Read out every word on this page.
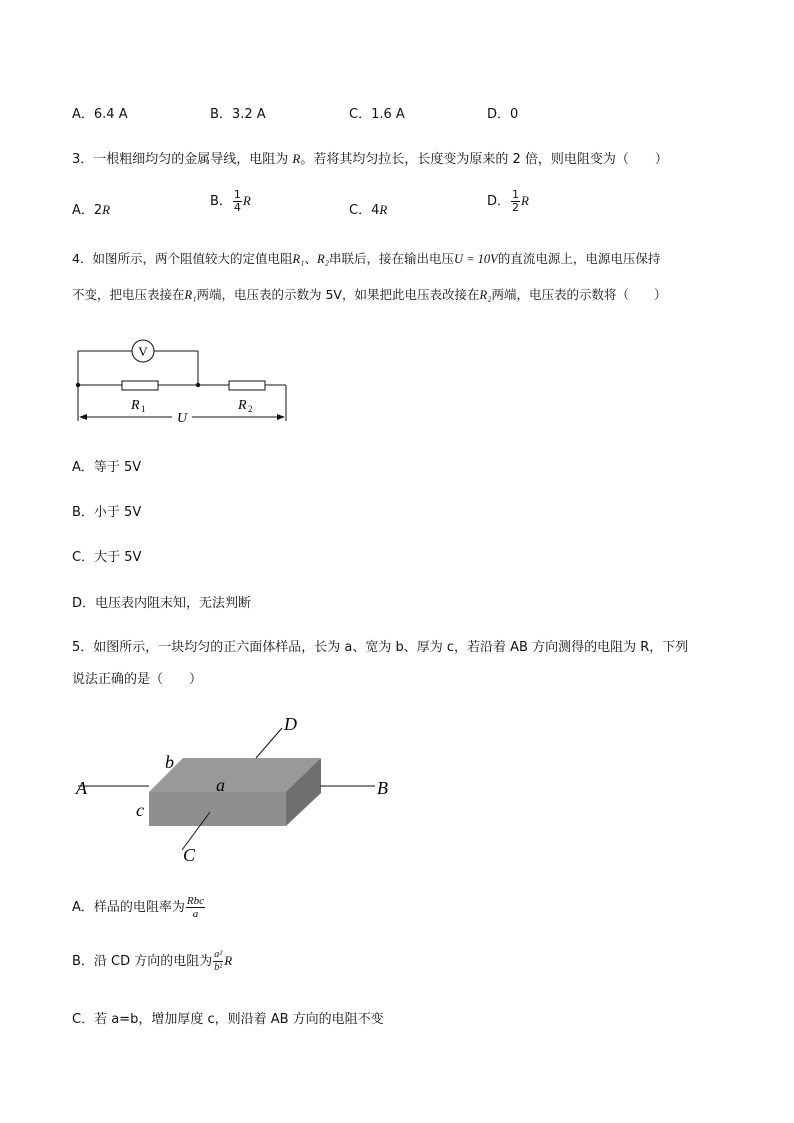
A．6.4 A	B．3.2 A	C．1.6 A	D．0
3．一根粗细均匀的金属导线，电阻为 R。若将其均匀拉长，长度变为原来的 2 倍，则电阻变为（　　）
A．2R
B． $\frac{1}{4}$ R
C．4R
D． $\frac{1}{2}$ R
4．如图所示，两个阻值较大的定值电阻R₁、R₂串联后，接在输出电压U = 10V的直流电源上，电源电压保持
不变，把电压表接在R₁两端，电压表的示数为 5V，如果把此电压表改接在R₂两端，电压表的示数将（　　）
V
R 1	R 2
U
A．等于 5V
B．小于 5V
C．大于 5V
D．电压表内阻末知，无法判断
5．如图所示，一块均匀的正六面体样品，长为 a、宽为 b、厚为 c，若沿着 AB 方向测得的电阻为 R，下列
说法正确的是（　　）
A	B
C
D
b
a
c
A．样品的电阻率为 $\frac{\text{Rbc}}{a}$
B．沿 CD 方向的电阻为 $\frac{\text{a²}}{\text{b²}}$ R
C．若 a=b，增加厚度 c，则沿着 AB 方向的电阻不变
